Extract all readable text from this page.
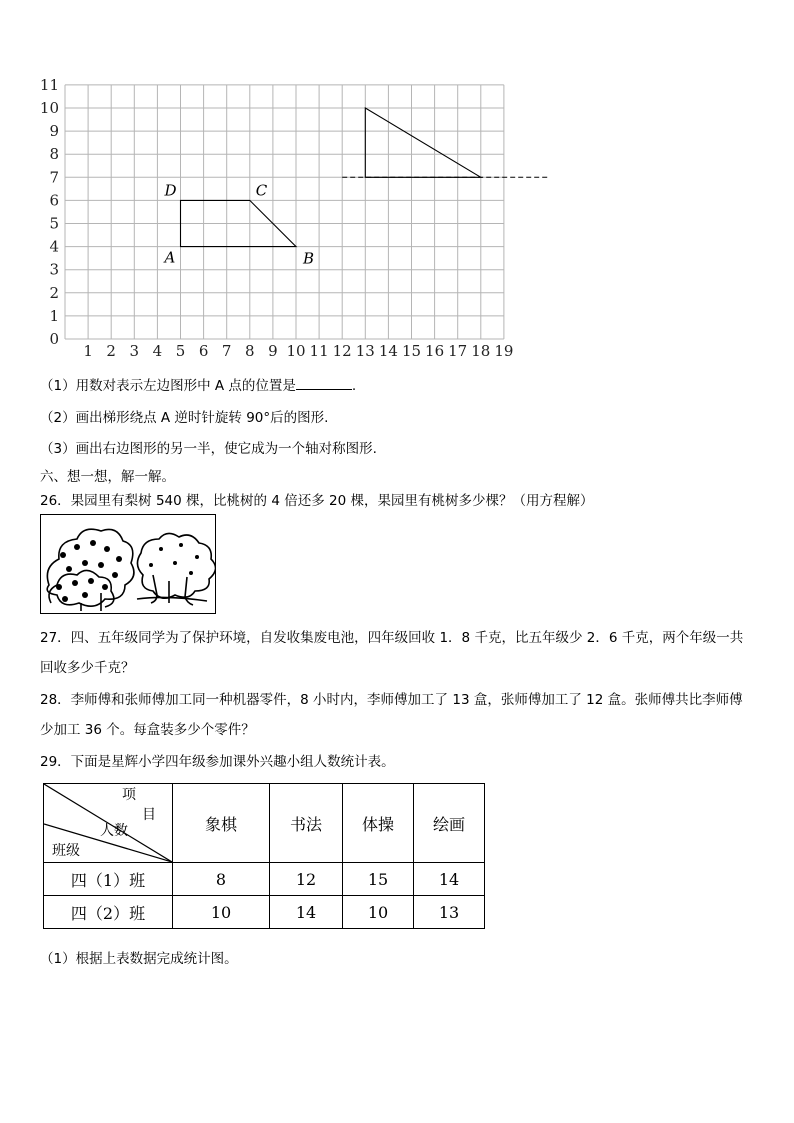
1 2 3 4 5 6 7 8 9 10 11 12 13 14 15 16 17 18 19
0
1
2
3
4
5
6
7
8
9
10
11
A	B
C
D
（1）用数对表示左边图形中 A 点的位置是	.
（2）画出梯形绕点 A 逆时针旋转 90°后的图形.
（3）画出右边图形的另一半，使它成为一个轴对称图形.
六、想一想，解一解。
26．果园里有梨树 540 棵，比桃树的 4 倍还多 20 棵，果园里有桃树多少棵？（用方程解）
27．四、五年级同学为了保护环境，自发收集废电池，四年级回收 1．8 千克，比五年级少 2．6 千克，两个年级一共
回收多少千克？
28．李师傅和张师傅加工同一种机器零件，8 小时内，李师傅加工了 13 盒，张师傅加工了 12 盒。张师傅共比李师傅
少加工 36 个。每盒装多少个零件？
29．下面是星辉小学四年级参加课外兴趣小组人数统计表。
项
目
人数
班级	象棋	书法	体操	绘画
四（1）班	8	12	15	14
四（2）班	10	14	10	13
（1）根据上表数据完成统计图。
